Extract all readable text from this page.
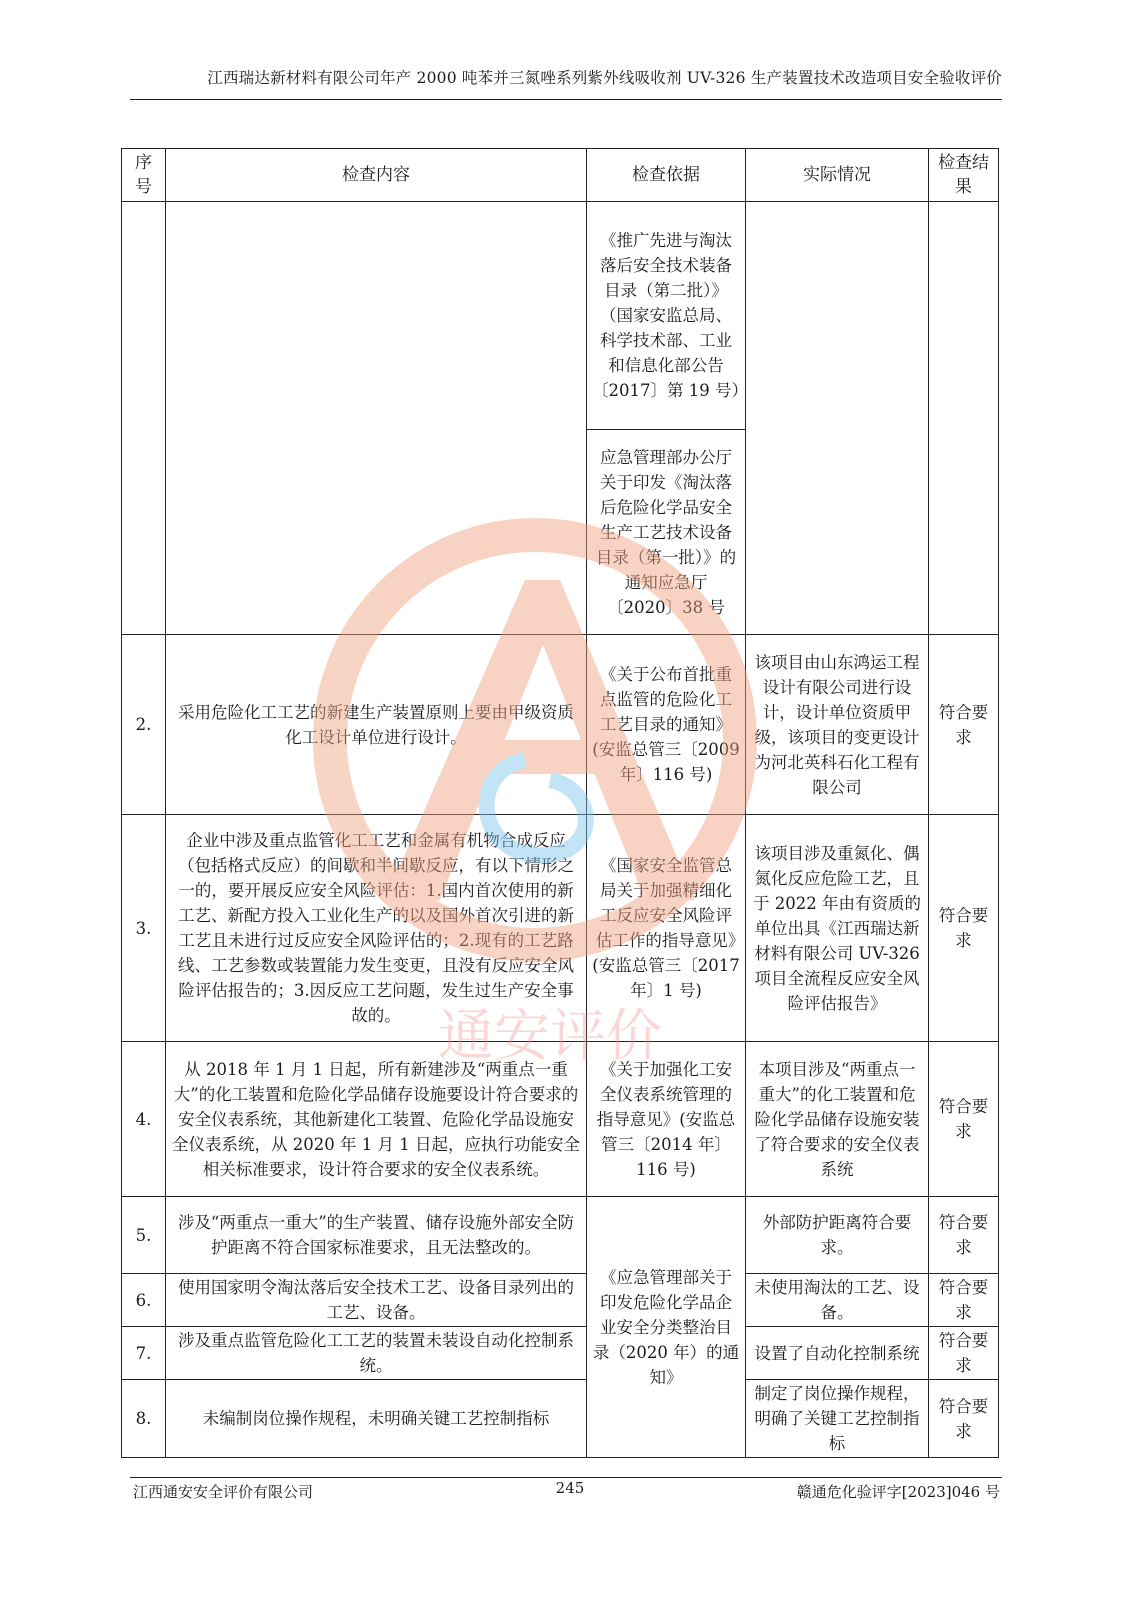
江西瑞达新材料有限公司年产 2000 吨苯并三氮唑系列紫外线吸收剂 UV-326 生产装置技术改造项目安全验收评价
序号	检查内容	检查依据	实际情况	检查结果
		《推广先进与淘汰落后安全技术装备目录（第二批）》（国家安监总局、科学技术部、工业和信息化部公告〔2017〕第 19 号）		
		应急管理部办公厅关于印发《淘汰落后危险化学品安全生产工艺技术设备目录（第一批）》的通知应急厅〔2020〕38 号		
2.	采用危险化工工艺的新建生产装置原则上要由甲级资质化工设计单位进行设计。	《关于公布首批重点监管的危险化工工艺目录的通知》(安监总管三〔2009 年〕116 号)	该项目由山东鸿运工程设计有限公司进行设计，设计单位资质甲级，该项目的变更设计为河北英科石化工程有限公司	符合要求
3.	企业中涉及重点监管化工工艺和金属有机物合成反应（包括格式反应）的间歇和半间歇反应，有以下情形之一的，要开展反应安全风险评估：1.国内首次使用的新工艺、新配方投入工业化生产的以及国外首次引进的新工艺且未进行过反应安全风险评估的；2.现有的工艺路线、工艺参数或装置能力发生变更，且没有反应安全风险评估报告的；3.因反应工艺问题，发生过生产安全事故的。	《国家安全监管总局关于加强精细化工反应安全风险评估工作的指导意见》(安监总管三〔2017 年〕1 号)	该项目涉及重氮化、偶氮化反应危险工艺，且于 2022 年由有资质的单位出具《江西瑞达新材料有限公司 UV-326 项目全流程反应安全风险评估报告》	符合要求
4.	从 2018 年 1 月 1 日起，所有新建涉及“两重点一重大”的化工装置和危险化学品储存设施要设计符合要求的安全仪表系统，其他新建化工装置、危险化学品设施安全仪表系统，从 2020 年 1 月 1 日起，应执行功能安全相关标准要求，设计符合要求的安全仪表系统。	《关于加强化工安全仪表系统管理的指导意见》(安监总管三〔2014 年〕116 号)	本项目涉及“两重点一重大”的化工装置和危险化学品储存设施安装了符合要求的安全仪表系统	符合要求
5.	涉及“两重点一重大”的生产装置、储存设施外部安全防护距离不符合国家标准要求，且无法整改的。	《应急管理部关于印发危险化学品企业安全分类整治目录（2020 年）的通知》	外部防护距离符合要求。	符合要求
6.	使用国家明令淘汰落后安全技术工艺、设备目录列出的工艺、设备。		未使用淘汰的工艺、设备。	符合要求
7.	涉及重点监管危险化工工艺的装置未装设自动化控制系统。		设置了自动化控制系统	符合要求
8.	未编制岗位操作规程，未明确关键工艺控制指标		制定了岗位操作规程，明确了关键工艺控制指标	符合要求
通安评价
江西通安安全评价有限公司	245	赣通危化验评字[2023]046 号
